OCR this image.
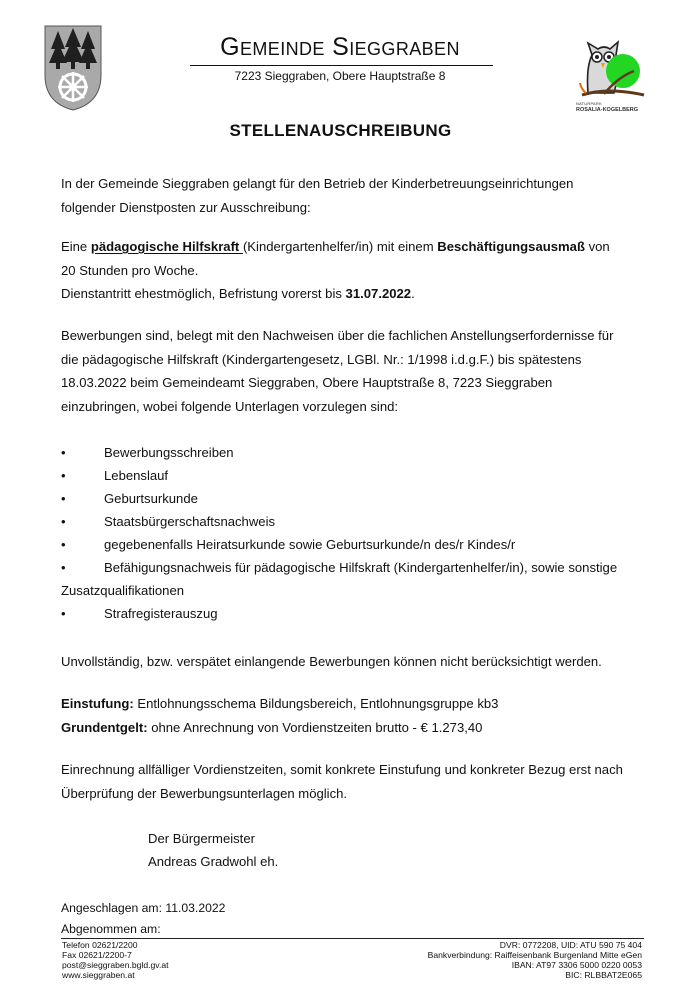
Gemeinde Sieggraben
7223 Sieggraben, Obere Hauptstraße 8
NATURPARK
ROSALIA-KOGELBERG
STELLENAUSCHREIBUNG
In der Gemeinde Sieggraben gelangt für den Betrieb der Kinderbetreuungseinrichtungen
folgender Dienstposten zur Ausschreibung:
Eine pädagogische Hilfskraft (Kindergartenhelfer/in) mit einem Beschäftigungsausmaß von
20 Stunden pro Woche.
Dienstantritt ehestmöglich, Befristung vorerst bis 31.07.2022.
Bewerbungen sind, belegt mit den Nachweisen über die fachlichen Anstellungserfordernisse für
die pädagogische Hilfskraft (Kindergartengesetz, LGBl. Nr.: 1/1998 i.d.g.F.) bis spätestens
18.03.2022 beim Gemeindeamt Sieggraben, Obere Hauptstraße 8, 7223 Sieggraben
einzubringen, wobei folgende Unterlagen vorzulegen sind:
•	Bewerbungsschreiben
•	Lebenslauf
•	Geburtsurkunde
•	Staatsbürgerschaftsnachweis
•	gegebenenfalls Heiratsurkunde sowie Geburtsurkunde/n des/r Kindes/r
•	Befähigungsnachweis für pädagogische Hilfskraft (Kindergartenhelfer/in), sowie sonstige
Zusatzqualifikationen
•	Strafregisterauszug
Unvollständig, bzw. verspätet einlangende Bewerbungen können nicht berücksichtigt werden.
Einstufung: Entlohnungsschema Bildungsbereich, Entlohnungsgruppe kb3
Grundentgelt: ohne Anrechnung von Vordienstzeiten brutto - € 1.273,40
Einrechnung allfälliger Vordienstzeiten, somit konkrete Einstufung und konkreter Bezug erst nach
Überprüfung der Bewerbungsunterlagen möglich.
Der Bürgermeister
Andreas Gradwohl eh.
Angeschlagen am: 11.03.2022
Abgenommen am:
Telefon 02621/2200
Fax 02621/2200-7
post@sieggraben.bgld.gv.at
www.sieggraben.at
DVR: 0772208, UID: ATU 590 75 404
Bankverbindung: Raiffeisenbank Burgenland Mitte eGen
IBAN: AT97 3306 5000 0220 0053
BIC: RLBBAT2E065
